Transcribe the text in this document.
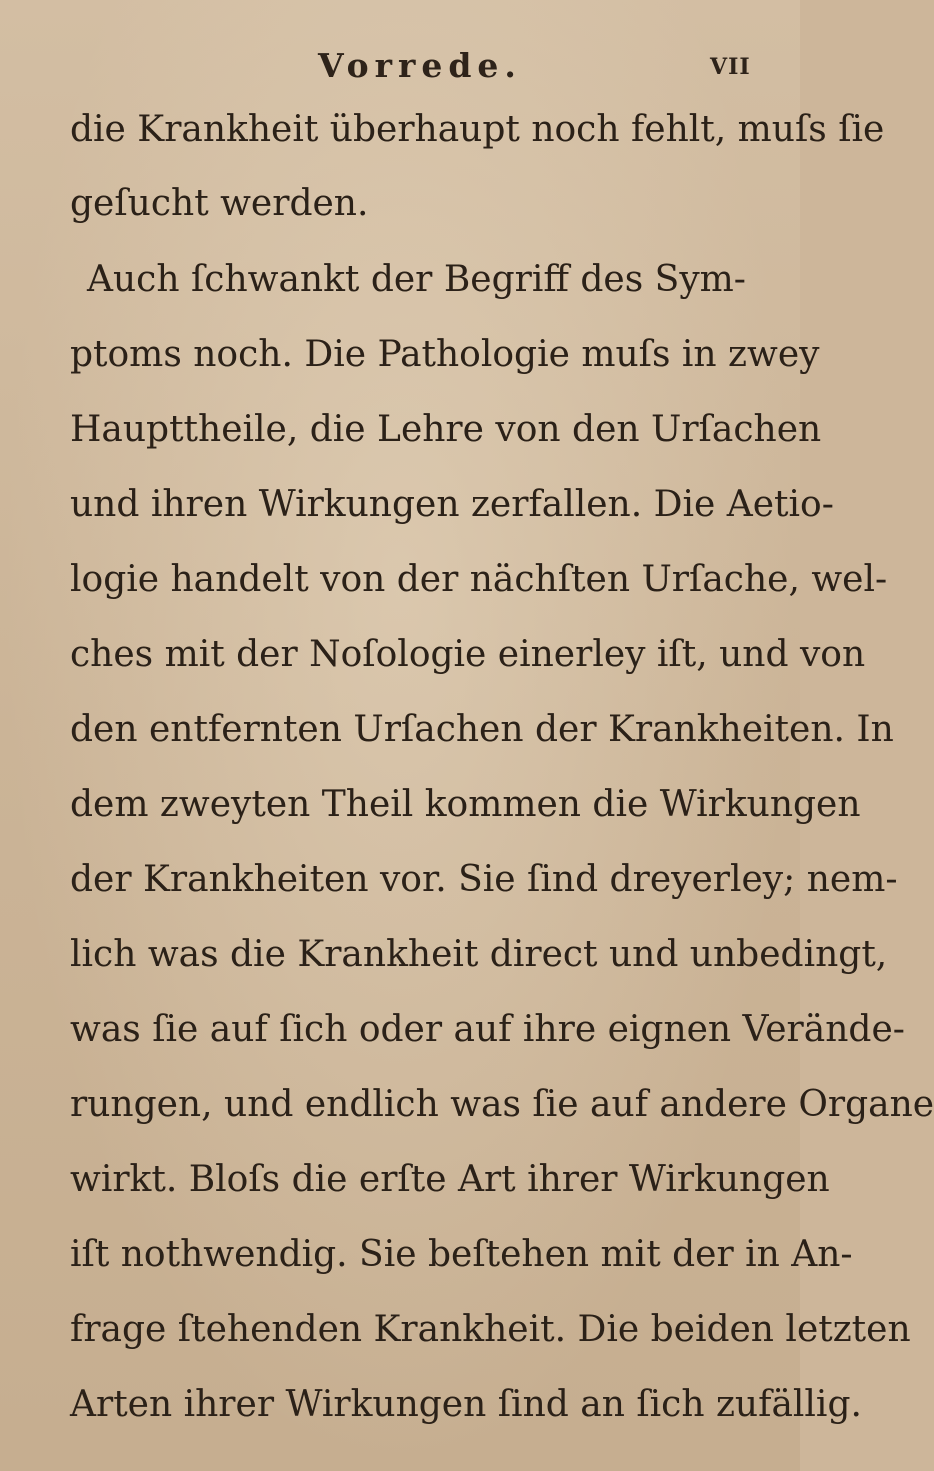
Vorrede.	VII
die Krankheit überhaupt noch fehlt, muſs ſie
geſucht werden.
Auch ſchwankt der Begriff des Sym-
ptoms noch. Die Pathologie muſs in zwey
Haupttheile, die Lehre von den Urſachen
und ihren Wirkungen zerfallen. Die Aetio-
logie handelt von der nächſten Urſache, wel-
ches mit der Noſologie einerley iſt, und von
den entfernten Urſachen der Krankheiten. In
dem zweyten Theil kommen die Wirkungen
der Krankheiten vor. Sie ſind dreyerley; nem-
lich was die Krankheit direct und unbedingt,
was ſie auf ſich oder auf ihre eignen Verände-
rungen, und endlich was ſie auf andere Organe
wirkt. Bloſs die erſte Art ihrer Wirkungen
iſt nothwendig. Sie beſtehen mit der in An-
frage ſtehenden Krankheit. Die beiden letzten
Arten ihrer Wirkungen ſind an ſich zufällig.
